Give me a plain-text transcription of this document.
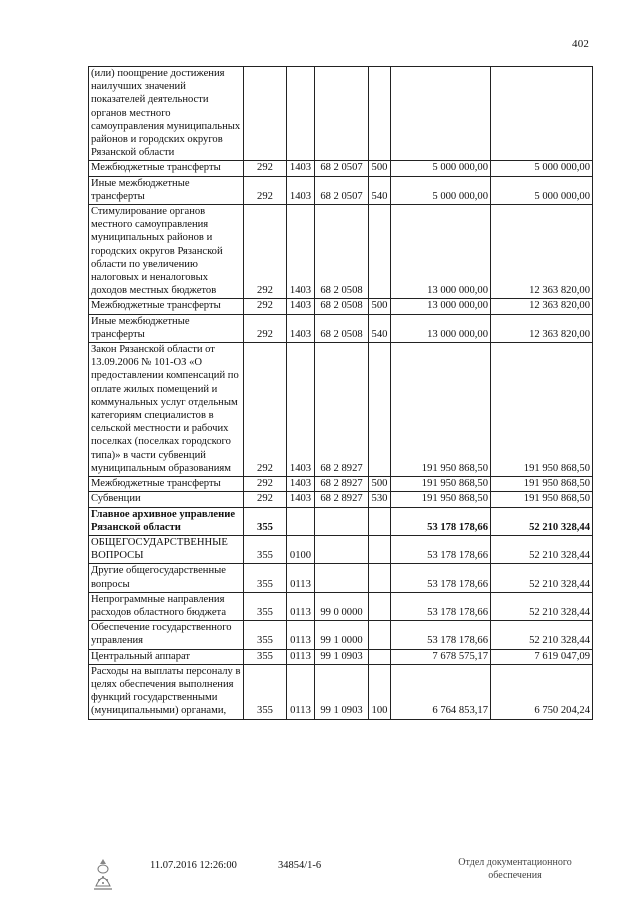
402
(или) поощрение достижения наилучших значений показателей деятельности органов местного самоуправления муниципальных районов и городских округов Рязанской области						
Межбюджетные трансферты	292	1403	68 2 0507	500	5 000 000,00	5 000 000,00
Иные межбюджетные трансферты	292	1403	68 2 0507	540	5 000 000,00	5 000 000,00
Стимулирование органов местного самоуправления муниципальных районов и городских округов Рязанской области по увеличению налоговых и неналоговых доходов местных бюджетов	292	1403	68 2 0508		13 000 000,00	12 363 820,00
Межбюджетные трансферты	292	1403	68 2 0508	500	13 000 000,00	12 363 820,00
Иные межбюджетные трансферты	292	1403	68 2 0508	540	13 000 000,00	12 363 820,00
Закон Рязанской области от 13.09.2006 № 101-ОЗ «О предоставлении компенсаций по оплате жилых помещений и коммунальных услуг отдельным категориям специалистов в сельской местности и рабочих поселках (поселках городского типа)» в части субвенций муниципальным образованиям	292	1403	68 2 8927		191 950 868,50	191 950 868,50
Межбюджетные трансферты	292	1403	68 2 8927	500	191 950 868,50	191 950 868,50
Субвенции	292	1403	68 2 8927	530	191 950 868,50	191 950 868,50
Главное архивное управление Рязанской области	355				53 178 178,66	52 210 328,44
ОБЩЕГОСУДАРСТВЕННЫЕ ВОПРОСЫ	355	0100			53 178 178,66	52 210 328,44
Другие общегосударственные вопросы	355	0113			53 178 178,66	52 210 328,44
Непрограммные направления расходов областного бюджета	355	0113	99 0 0000		53 178 178,66	52 210 328,44
Обеспечение государственного управления	355	0113	99 1 0000		53 178 178,66	52 210 328,44
Центральный аппарат	355	0113	99 1 0903		7 678 575,17	7 619 047,09
Расходы на выплаты персоналу в целях обеспечения выполнения функций государственными (муниципальными) органами,	355	0113	99 1 0903	100	6 764 853,17	6 750 204,24
11.07.2016 12:26:00	34854/1-6	Отдел документационного
обеспечения
